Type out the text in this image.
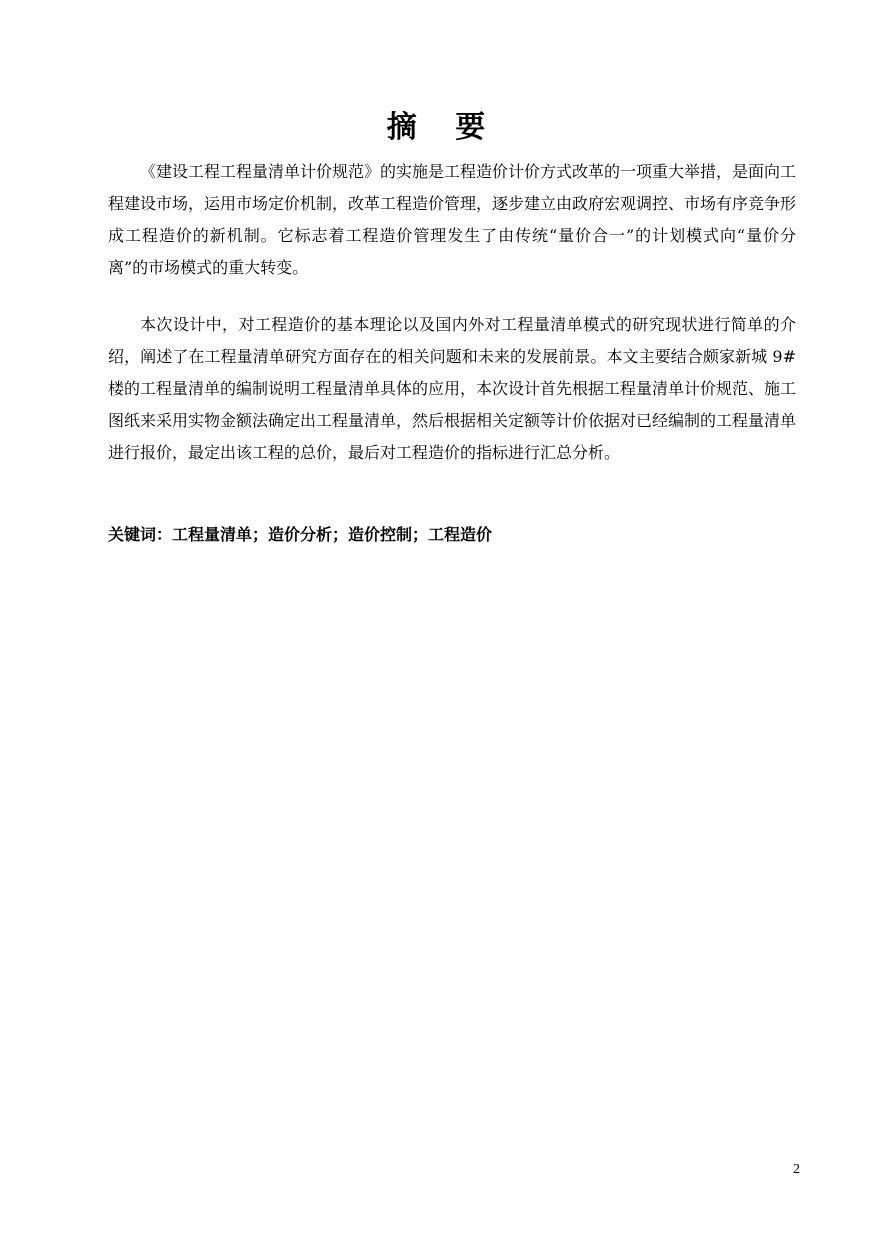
摘 要

《建设工程工程量清单计价规范》的实施是工程造价计价方式改革的一项重大举措，是面向工程建设市场，运用市场定价机制，改革工程造价管理，逐步建立由政府宏观调控、市场有序竞争形成工程造价的新机制。它标志着工程造价管理发生了由传统“量价合一”的计划模式向“量价分离”的市场模式的重大转变。

本次设计中，对工程造价的基本理论以及国内外对工程量清单模式的研究现状进行简单的介绍，阐述了在工程量清单研究方面存在的相关问题和未来的发展前景。本文主要结合颇家新城 9#楼的工程量清单的编制说明工程量清单具体的应用，本次设计首先根据工程量清单计价规范、施工图纸来采用实物金额法确定出工程量清单，然后根据相关定额等计价依据对已经编制的工程量清单进行报价，最定出该工程的总价，最后对工程造价的指标进行汇总分析。

关键词：工程量清单；造价分析；造价控制；工程造价

2
